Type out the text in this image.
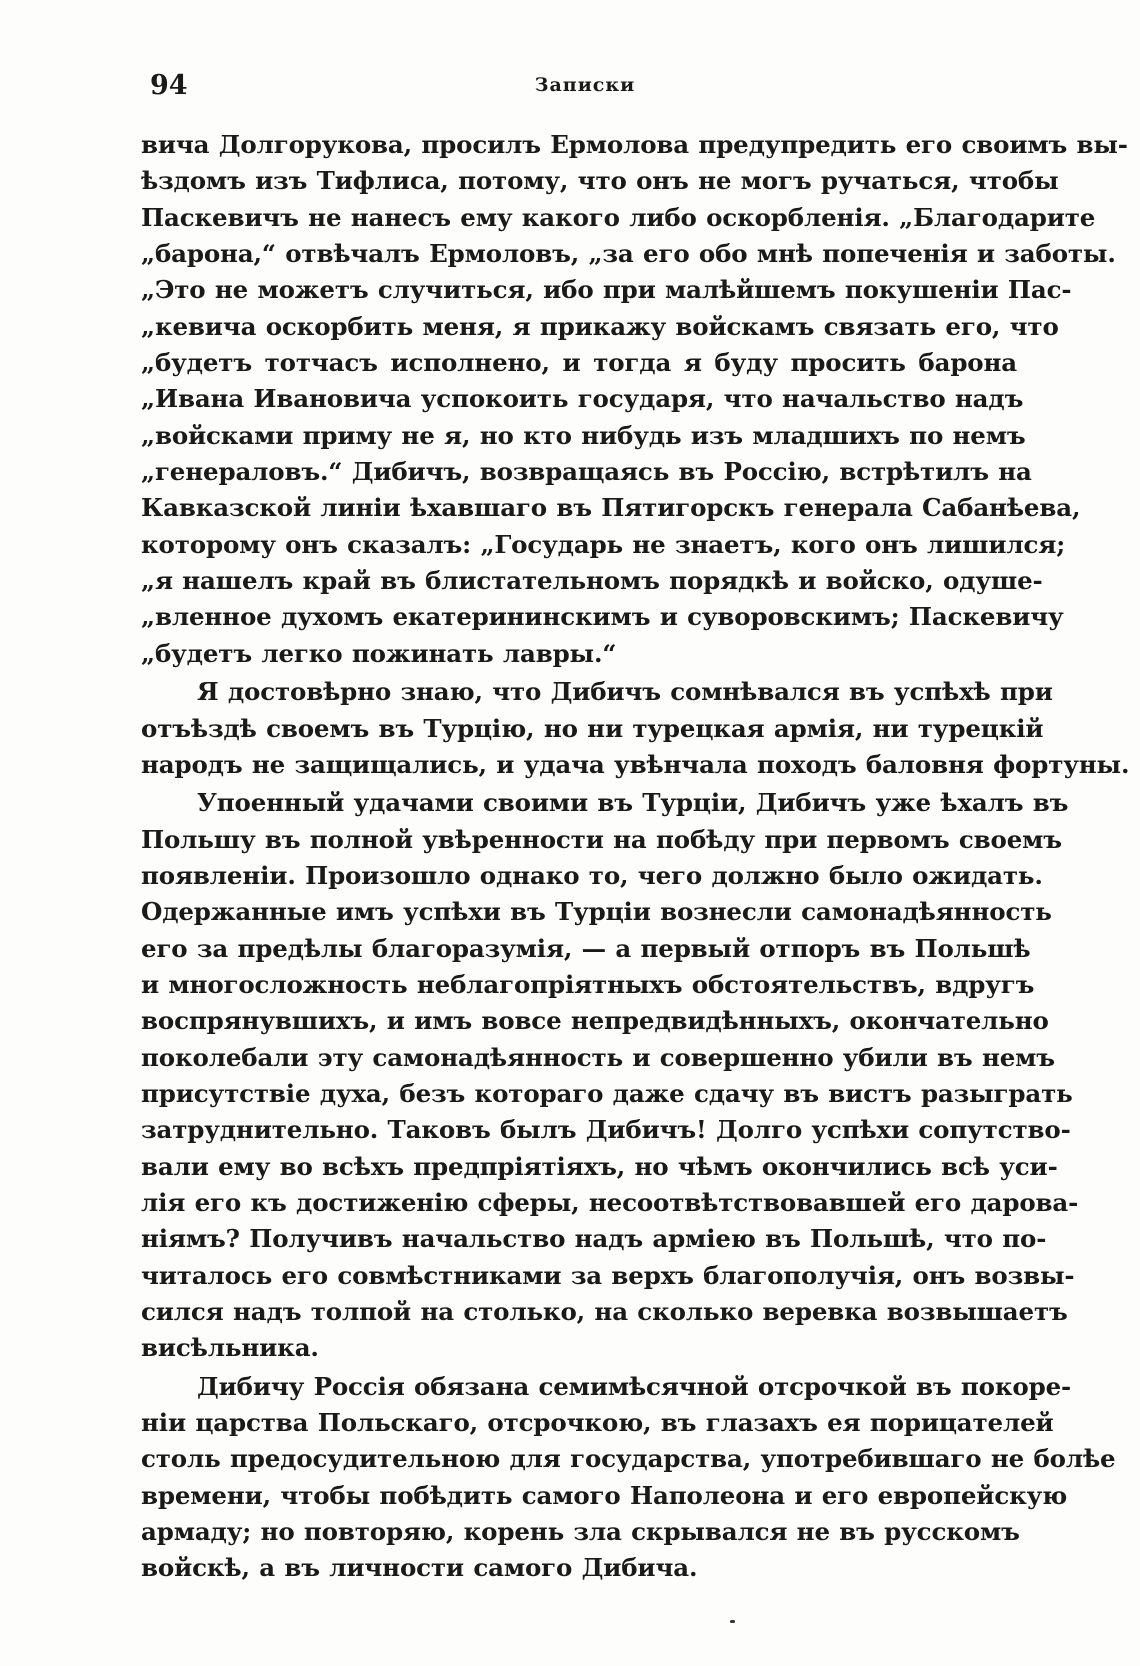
94	Записки
вича Долгорукова, просилъ Ермолова предупредить его своимъ вы-
ѣздомъ изъ Тифлиса, потому, что онъ не могъ ручаться, чтобы
Паскевичъ не нанесъ ему какого либо оскорбленія. „Благодарите
„барона,“ отвѣчалъ Ермоловъ, „за его обо мнѣ попеченія и заботы.
„Это не можетъ случиться, ибо при малѣйшемъ покушеніи Пас-
„кевича оскорбить меня, я прикажу войскамъ связать его, что
„будетъ тотчасъ исполнено, и тогда я буду просить барона
„Ивана Ивановича успокоить государя, что начальство надъ
„войсками приму не я, но кто нибудь изъ младшихъ по немъ
„генераловъ.“ Дибичъ, возвращаясь въ Россію, встрѣтилъ на
Кавказской линіи ѣхавшаго въ Пятигорскъ генерала Сабанѣева,
которому онъ сказалъ: „Государь не знаетъ, кого онъ лишился;
„я нашелъ край въ блистательномъ порядкѣ и войско, одуше-
„вленное духомъ екатерининскимъ и суворовскимъ; Паскевичу
„будетъ легко пожинать лавры.“
Я достовѣрно знаю, что Дибичъ сомнѣвался въ успѣхѣ при
отъѣздѣ своемъ въ Турцію, но ни турецкая армія, ни турецкій
народъ не защищались, и удача увѣнчала походъ баловня фортуны.
Упоенный удачами своими въ Турціи, Дибичъ уже ѣхалъ въ
Польшу въ полной увѣренности на побѣду при первомъ своемъ
появленіи. Произошло однако то, чего должно было ожидать.
Одержанные имъ успѣхи въ Турціи вознесли самонадѣянность
его за предѣлы благоразумія, — а первый отпоръ въ Польшѣ
и многосложность неблагопріятныхъ обстоятельствъ, вдругъ
воспрянувшихъ, и имъ вовсе непредвидѣнныхъ, окончательно
поколебали эту самонадѣянность и совершенно убили въ немъ
присутствіе духа, безъ котораго даже сдачу въ вистъ разыграть
затруднительно. Таковъ былъ Дибичъ! Долго успѣхи сопутство-
вали ему во всѣхъ предпріятіяхъ, но чѣмъ окончились всѣ уси-
лія его къ достиженію сферы, несоотвѣтствовавшей его дарова-
ніямъ? Получивъ начальство надъ арміею въ Польшѣ, что по-
читалось его совмѣстниками за верхъ благополучія, онъ возвы-
сился надъ толпой на столько, на сколько веревка возвышаетъ
висѣльника.
Дибичу Россія обязана семимѣсячной отсрочкой въ покоре-
ніи царства Польскаго, отсрочкою, въ глазахъ ея порицателей
столь предосудительною для государства, употребившаго не болѣе
времени, чтобы побѣдить самого Наполеона и его европейскую
армаду; но повторяю, корень зла скрывался не въ русскомъ
войскѣ, а въ личности самого Дибича.
